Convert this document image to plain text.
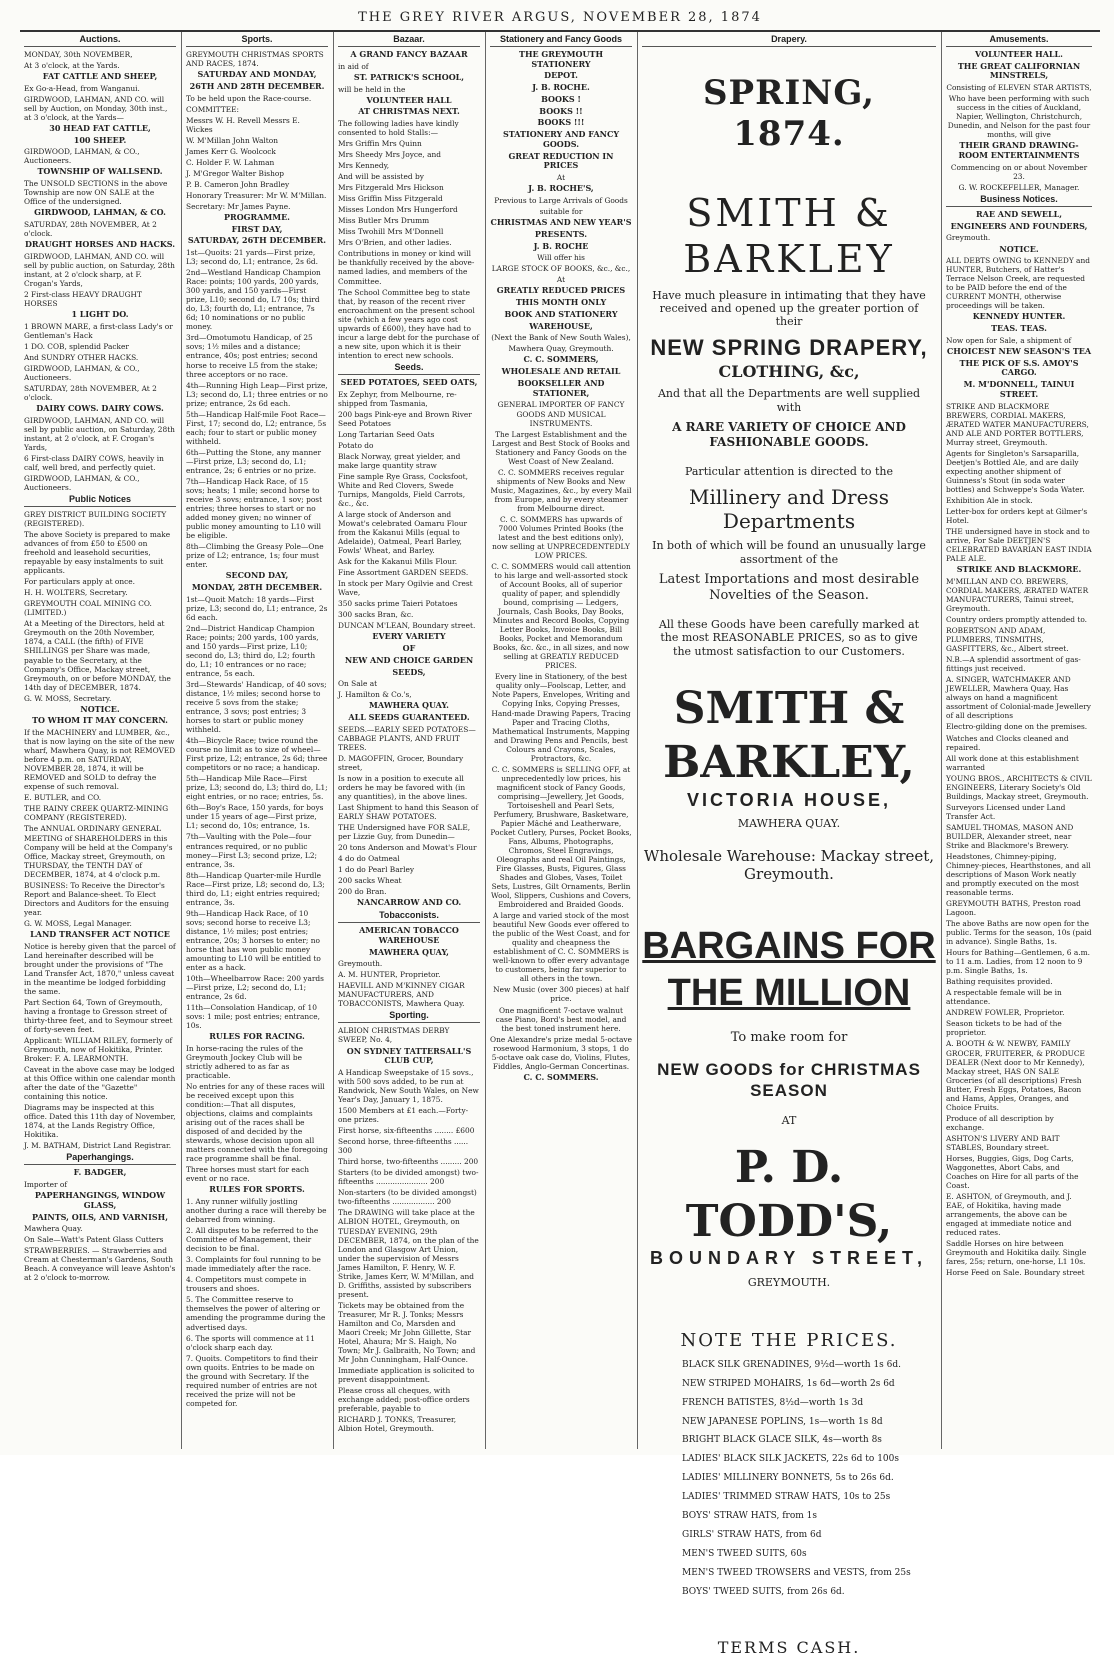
THE GREY RIVER ARGUS, NOVEMBER 28, 1874
Auctions.

MONDAY, 30th NOVEMBER,

At 3 o'clock, at the Yards.

FAT CATTLE AND SHEEP,

Ex Go-a-Head, from Wanganui.

GIRDWOOD, LAHMAN, AND CO. will sell by Auction, on Monday, 30th inst., at 3 o'clock, at the Yards—

30 HEAD FAT CATTLE,

100 SHEEP.

GIRDWOOD, LAHMAN, & CO., Auctioneers.

TOWNSHIP OF WALLSEND.

The UNSOLD SECTIONS in the above Township are now ON SALE at the Office of the undersigned.

GIRDWOOD, LAHMAN, & CO.

SATURDAY, 28th NOVEMBER, At 2 o'clock.

DRAUGHT HORSES AND HACKS.

GIRDWOOD, LAHMAN, AND CO. will sell by public auction, on Saturday, 28th instant, at 2 o'clock sharp, at F. Crogan's Yards,

2 First-class HEAVY DRAUGHT HORSES

1 LIGHT DO.

1 BROWN MARE, a first-class Lady's or Gentleman's Hack

1 DO. COB, splendid Packer

And SUNDRY OTHER HACKS.

GIRDWOOD, LAHMAN, & CO., Auctioneers.

SATURDAY, 28th NOVEMBER, At 2 o'clock.

DAIRY COWS. DAIRY COWS.

GIRDWOOD, LAHMAN, AND CO. will sell by public auction, on Saturday, 28th instant, at 2 o'clock, at F. Crogan's Yards,

6 First-class DAIRY COWS, heavily in calf, well bred, and perfectly quiet.

GIRDWOOD, LAHMAN, & CO., Auctioneers.

Public Notices

GREY DISTRICT BUILDING SOCIETY (REGISTERED).

The above Society is prepared to make advances of from £50 to £500 on freehold and leasehold securities, repayable by easy instalments to suit applicants.

For particulars apply at once.

H. H. WOLTERS, Secretary.

GREYMOUTH COAL MINING CO. (LIMITED.)

At a Meeting of the Directors, held at Greymouth on the 20th November, 1874, a CALL (the fifth) of FIVE SHILLINGS per Share was made, payable to the Secretary, at the Company's Office, Mackay street, Greymouth, on or before MONDAY, the 14th day of DECEMBER, 1874.

G. W. MOSS, Secretary.

NOTICE.

TO WHOM IT MAY CONCERN.

If the MACHINERY and LUMBER, &c., that is now laying on the site of the new wharf, Mawhera Quay, is not REMOVED before 4 p.m. on SATURDAY, NOVEMBER 28, 1874, it will be REMOVED and SOLD to defray the expense of such removal.

E. BUTLER, and CO.

THE RAINY CREEK QUARTZ-MINING COMPANY (REGISTERED).

The ANNUAL ORDINARY GENERAL MEETING of SHAREHOLDERS in this Company will be held at the Company's Office, Mackay street, Greymouth, on THURSDAY, the TENTH DAY of DECEMBER, 1874, at 4 o'clock p.m.

BUSINESS: To Receive the Director's Report and Balance-sheet. To Elect Directors and Auditors for the ensuing year.

G. W. MOSS, Legal Manager.

LAND TRANSFER ACT NOTICE

Notice is hereby given that the parcel of Land hereinafter described will be brought under the provisions of "The Land Transfer Act, 1870," unless caveat in the meantime be lodged forbidding the same.

Part Section 64, Town of Greymouth, having a frontage to Gresson street of thirty-three feet, and to Seymour street of forty-seven feet.

Applicant: WILLIAM RILEY, formerly of Greymouth, now of Hokitika, Printer. Broker: F. A. LEARMONTH.

Caveat in the above case may be lodged at this Office within one calendar month after the date of the "Gazette" containing this notice.

Diagrams may be inspected at this office. Dated this 11th day of November, 1874, at the Lands Registry Office, Hokitika.

J. M. BATHAM, District Land Registrar.

Paperhangings.

F. BADGER,

Importer of

PAPERHANGINGS, WINDOW GLASS,

PAINTS, OILS, AND VARNISH,

Mawhera Quay.

On Sale—Watt's Patent Glass Cutters

STRAWBERRIES. — Strawberries and Cream at Chesterman's Gardens, South Beach. A conveyance will leave Ashton's at 2 o'clock to-morrow.

Sports.

GREYMOUTH CHRISTMAS SPORTS AND RACES, 1874.

SATURDAY AND MONDAY,

26TH AND 28TH DECEMBER.

To be held upon the Race-course.

COMMITTEE:

Messrs W. H. Revell Messrs E. Wickes

W. M'Millan John Walton

James Kerr G. Woolcock

C. Holder F. W. Lahman

J. M'Gregor Walter Bishop

P. B. Cameron John Bradley

Honorary Treasurer: Mr W. M'Millan.

Secretary: Mr James Payne.

PROGRAMME.

FIRST DAY,

SATURDAY, 26TH DECEMBER.

1st—Quoits: 21 yards—First prize, L3; second do, L1; entrance, 2s 6d.

2nd—Westland Handicap Champion Race: points; 100 yards, 200 yards, 300 yards, and 150 yards—First prize, L10; second do, L7 10s; third do, L3; fourth do, L1; entrance, 7s 6d; 10 nominations or no public money.

3rd—Omotumotu Handicap, of 25 sovs; 1½ miles and a distance; entrance, 40s; post entries; second horse to receive L5 from the stake; three acceptors or no race.

4th—Running High Leap—First prize, L3; second do, L1; three entries or no prize; entrance, 2s 6d each.

5th—Handicap Half-mile Foot Race—First, 17; second do, L2; entrance, 5s each; four to start or public money withheld.

6th—Putting the Stone, any manner—First prize, L3; second do, L1; entrance, 2s; 6 entries or no prize.

7th—Handicap Hack Race, of 15 sovs; heats; 1 mile; second horse to receive 3 sovs; entrance, 1 sov; post entries; three horses to start or no added money given; no winner of public money amounting to L10 will be eligible.

8th—Climbing the Greasy Pole—One prize of L2; entrance, 1s; four must enter.

SECOND DAY,

MONDAY, 28TH DECEMBER.

1st—Quoit Match: 18 yards—First prize, L3; second do, L1; entrance, 2s 6d each.

2nd—District Handicap Champion Race; points; 200 yards, 100 yards, and 150 yards—First prize, L10; second do, L3; third do, L2; fourth do, L1; 10 entrances or no race; entrance, 5s each.

3rd—Stewards' Handicap, of 40 sovs; distance, 1½ miles; second horse to receive 5 sovs from the stake; entrance, 3 sovs; post entries; 3 horses to start or public money withheld.

4th—Bicycle Race; twice round the course no limit as to size of wheel—First prize, L2; entrance, 2s 6d; three competitors or no race; a handicap.

5th—Handicap Mile Race—First prize, L3; second do, L3; third do, L1; eight entries, or no race; entries, 5s.

6th—Boy's Race, 150 yards, for boys under 15 years of age—First prize, L1; second do, 10s; entrance, 1s.

7th—Vaulting with the Pole—four entrances required, or no public money—First L3; second prize, L2; entrance, 3s.

8th—Handicap Quarter-mile Hurdle Race—First prize, L8; second do, L3; third do, L1; eight entries required; entrance, 3s.

9th—Handicap Hack Race, of 10 sovs; second horse to receive L3; distance, 1½ miles; post entries; entrance, 20s; 3 horses to enter; no horse that has won public money amounting to L10 will be entitled to enter as a hack.

10th—Wheelbarrow Race: 200 yards—First prize, L2; second do, L1; entrance, 2s 6d.

11th—Consolation Handicap, of 10 sovs: 1 mile; post entries; entrance, 10s.

RULES FOR RACING.

In horse-racing the rules of the Greymouth Jockey Club will be strictly adhered to as far as practicable.

No entries for any of these races will be received except upon this condition:—That all disputes, objections, claims and complaints arising out of the races shall be disposed of and decided by the stewards, whose decision upon all matters connected with the foregoing race programme shall be final.

Three horses must start for each event or no race.

RULES FOR SPORTS.

1. Any runner wilfully jostling another during a race will thereby be debarred from winning.

2. All disputes to be referred to the Committee of Management, their decision to be final.

3. Complaints for foul running to be made immediately after the race.

4. Competitors must compete in trousers and shoes.

5. The Committee reserve to themselves the power of altering or amending the programme during the advertised days.

6. The sports will commence at 11 o'clock sharp each day.

7. Quoits. Competitors to find their own quoits. Entries to be made on the ground with Secretary. If the required number of entries are not received the prize will not be competed for.

Bazaar.

A GRAND FANCY BAZAAR

in aid of

ST. PATRICK'S SCHOOL,

will be held in the

VOLUNTEER HALL

AT CHRISTMAS NEXT.

The following ladies have kindly consented to hold Stalls:—

Mrs Griffin Mrs Quinn

Mrs Sheedy Mrs Joyce, and

Mrs Kennedy,

And will be assisted by

Mrs Fitzgerald Mrs Hickson

Miss Griffin Miss Fitzgerald

Misses London Mrs Hungerford

Miss Butler Mrs Drumm

Miss Twohill Mrs M'Donnell

Mrs O'Brien, and other ladies.

Contributions in money or kind will be thankfully received by the above-named ladies, and members of the Committee.

The School Committee beg to state that, by reason of the recent river encroachment on the present school site (which a few years ago cost upwards of £600), they have had to incur a large debt for the purchase of a new site, upon which it is their intention to erect new schools.

Seeds.

SEED POTATOES, SEED OATS,

Ex Zephyr, from Melbourne, re-shipped from Tasmania,

200 bags Pink-eye and Brown River Seed Potatoes

Long Tartarian Seed Oats

Potato do

Black Norway, great yielder, and make large quantity straw

Fine sample Rye Grass, Cocksfoot, White and Red Clovers, Swede Turnips, Mangolds, Field Carrots, &c., &c.

A large stock of Anderson and Mowat's celebrated Oamaru Flour from the Kakanui Mills (equal to Adelaide), Oatmeal, Pearl Barley, Fowls' Wheat, and Barley.

Ask for the Kakanui Mills Flour.

Fine Assortment GARDEN SEEDS.

In stock per Mary Ogilvie and Crest Wave,

350 sacks prime Taieri Potatoes

300 sacks Bran, &c.

DUNCAN M'LEAN, Boundary street.

EVERY VARIETY

OF

NEW AND CHOICE GARDEN

SEEDS,

On Sale at

J. Hamilton & Co.'s,

MAWHERA QUAY.

ALL SEEDS GUARANTEED.

SEEDS.—EARLY SEED POTATOES—CABBAGE PLANTS, AND FRUIT TREES.

D. MAGOFFIN, Grocer, Boundary street,

Is now in a position to execute all orders he may be favored with (in any quantities), in the above lines.

Last Shipment to hand this Season of EARLY SHAW POTATOES.

THE Undersigned have FOR SALE, per Lizzie Guy, from Dunedin—

20 tons Anderson and Mowat's Flour

4 do do Oatmeal

1 do do Pearl Barley

200 sacks Wheat

200 do Bran.

NANCARROW AND CO.

Tobacconists.

AMERICAN TOBACCO WAREHOUSE

MAWHERA QUAY,

Greymouth.

A. M. HUNTER, Proprietor.

HAEVILL AND M'KINNEY CIGAR MANUFACTURERS, AND TOBACCONISTS, Mawhera Quay.

Sporting.

ALBION CHRISTMAS DERBY SWEEP, No. 4,

ON SYDNEY TATTERSALL'S CLUB CUP,

A Handicap Sweepstake of 15 sovs., with 500 sovs added, to be run at Randwick, New South Wales, on New Year's Day, January 1, 1875.

1500 Members at £1 each.—Forty-one prizes.

First horse, six-fifteenths ........ £600

Second horse, three-fifteenths ...... 300

Third horse, two-fifteenths ......... 200

Starters (to be divided amongst) two-fifteenths ...................... 200

Non-starters (to be divided amongst) two-fifteenths .................. 200

The DRAWING will take place at the ALBION HOTEL, Greymouth, on TUESDAY EVENING, 29th DECEMBER, 1874, on the plan of the London and Glasgow Art Union, under the supervision of Messrs James Hamilton, F. Henry, W. F. Strike, James Kerr, W. M'Millan, and D. Griffiths, assisted by subscribers present.

Tickets may be obtained from the Treasurer, Mr R. J. Tonks; Messrs Hamilton and Co, Marsden and Maori Creek; Mr John Gillette, Star Hotel, Ahaura; Mr S. Haigh, No Town; Mr J. Galbraith, No Town; and Mr John Cunningham, Half-Ounce.

Immediate application is solicited to prevent disappointment.

Please cross all cheques, with exchange added; post-office orders preferable, payable to

RICHARD J. TONKS, Treasurer, Albion Hotel, Greymouth.

Stationery and Fancy Goods

THE GREYMOUTH STATIONERY

DEPOT.

J. B. ROCHE.

BOOKS !

BOOKS !!

BOOKS !!!

STATIONERY AND FANCY GOODS.

GREAT REDUCTION IN PRICES

At

J. B. ROCHE'S,

Previous to Large Arrivals of Goods

suitable for

CHRISTMAS AND NEW YEAR'S

PRESENTS.

J. B. ROCHE

Will offer his

LARGE STOCK OF BOOKS, &c., &c.,

At

GREATLY REDUCED PRICES

THIS MONTH ONLY

BOOK AND STATIONERY

WAREHOUSE,

(Next the Bank of New South Wales),

Mawhera Quay, Greymouth.

C. C. SOMMERS,

WHOLESALE AND RETAIL

BOOKSELLER AND STATIONER,

GENERAL IMPORTER OF FANCY GOODS AND MUSICAL INSTRUMENTS.

The Largest Establishment and the Largest and Best Stock of Books and Stationery and Fancy Goods on the West Coast of New Zealand.

C. C. SOMMERS receives regular shipments of New Books and New Music, Magazines, &c., by every Mail from Europe, and by every steamer from Melbourne direct.

C. C. SOMMERS has upwards of 7000 Volumes Printed Books (the latest and the best editions only), now selling at UNPRECEDENTEDLY LOW PRICES.

C. C. SOMMERS would call attention to his large and well-assorted stock of Account Books, all of superior quality of paper, and splendidly bound, comprising — Ledgers, Journals, Cash Books, Day Books, Minutes and Record Books, Copying Letter Books, Invoice Books, Bill Books, Pocket and Memorandum Books, &c. &c., in all sizes, and now selling at GREATLY REDUCED PRICES.

Every line in Stationery, of the best quality only—Foolscap, Letter, and Note Papers, Envelopes, Writing and Copying Inks, Copying Presses, Hand-made Drawing Papers, Tracing Paper and Tracing Cloths, Mathematical Instruments, Mapping and Drawing Pens and Pencils, best Colours and Crayons, Scales, Protractors, &c.

C. C. SOMMERS is SELLING OFF, at unprecedentedly low prices, his magnificent stock of Fancy Goods, comprising—Jewellery, Jet Goods, Tortoiseshell and Pearl Sets, Perfumery, Brushware, Basketware, Papier Mâché and Leatherware, Pocket Cutlery, Purses, Pocket Books, Fans, Albums, Photographs, Chromos, Steel Engravings, Oleographs and real Oil Paintings, Fire Glasses, Busts, Figures, Glass Shades and Globes, Vases, Toilet Sets, Lustres, Gilt Ornaments, Berlin Wool, Slippers, Cushions and Covers, Embroidered and Braided Goods.

A large and varied stock of the most beautiful New Goods ever offered to the public of the West Coast, and for quality and cheapness the establishment of C. C. SOMMERS is well-known to offer every advantage to customers, being far superior to all others in the town.

New Music (over 300 pieces) at half price.

One magnificent 7-octave walnut case Piano, Bord's best model, and the best toned instrument here.

One Alexandre's prize medal 5-octave rosewood Harmonium, 3 stops, 1 do 5-octave oak case do, Violins, Flutes, Fiddles, Anglo-German Concertinas.

C. C. SOMMERS.

Drapery.
SPRING, 1874.
SMITH & BARKLEY
Have much pleasure in intimating that they have received and opened up the greater portion of their
NEW SPRING DRAPERY,
CLOTHING, &c,
And that all the Departments are well supplied with
A RARE VARIETY OF CHOICE AND FASHIONABLE GOODS.
Particular attention is directed to the
Millinery and Dress Departments
In both of which will be found an unusually large assortment of the
Latest Importations and most desirable Novelties of the Season.
All these Goods have been carefully marked at the most REASONABLE PRICES, so as to give the utmost satisfaction to our Customers.
SMITH & BARKLEY,
VICTORIA HOUSE,
MAWHERA QUAY.
Wholesale Warehouse: Mackay street, Greymouth.
BARGAINS FOR THE MILLION
To make room for
NEW GOODS for CHRISTMAS SEASON
AT
P. D. TODD'S,
BOUNDARY STREET,
GREYMOUTH.
NOTE THE PRICES.

BLACK SILK GRENADINES, 9½d—worth 1s 6d.

NEW STRIPED MOHAIRS, 1s 6d—worth 2s 6d

FRENCH BATISTES, 8½d—worth 1s 3d

NEW JAPANESE POPLINS, 1s—worth 1s 8d

BRIGHT BLACK GLACE SILK, 4s—worth 8s

LADIES' BLACK SILK JACKETS, 22s 6d to 100s

LADIES' MILLINERY BONNETS, 5s to 26s 6d.

LADIES' TRIMMED STRAW HATS, 10s to 25s

BOYS' STRAW HATS, from 1s

GIRLS' STRAW HATS, from 6d

MEN'S TWEED SUITS, 60s

MEN'S TWEED TROWSERS and VESTS, from 25s

BOYS' TWEED SUITS, from 26s 6d.

TERMS CASH.
Amusements.

VOLUNTEER HALL.

THE GREAT CALIFORNIAN MINSTRELS,

Consisting of ELEVEN STAR ARTISTS,

Who have been performing with such success in the cities of Auckland, Napier, Wellington, Christchurch, Dunedin, and Nelson for the past four months, will give

THEIR GRAND DRAWING-ROOM ENTERTAINMENTS

Commencing on or about November 23.

G. W. ROCKEFELLER, Manager.

Business Notices.

RAE AND SEWELL,

ENGINEERS AND FOUNDERS,

Greymouth.

NOTICE.

ALL DEBTS OWING to KENNEDY and HUNTER, Butchers, of Hatter's Terrace Nelson Creek, are requested to be PAID before the end of the CURRENT MONTH, otherwise proceedings will be taken.

KENNEDY HUNTER.

TEAS. TEAS.

Now open for Sale, a shipment of

CHOICEST NEW SEASON'S TEA

THE PICK OF S.S. AMOY'S CARGO.

M. M'DONNELL, TAINUI STREET.

STRIKE AND BLACKMORE BREWERS, CORDIAL MAKERS, ÆRATED WATER MANUFACTURERS, AND ALE AND PORTER BOTTLERS, Murray street, Greymouth.

Agents for Singleton's Sarsaparilla, Deetjen's Bottled Ale, and are daily expecting another shipment of Guinness's Stout (in soda water bottles) and Schweppe's Soda Water.

Exhibition Ale in stock.

Letter-box for orders kept at Gilmer's Hotel.

THE undersigned have in stock and to arrive, For Sale DEETJEN'S CELEBRATED BAVARIAN EAST INDIA PALE ALE.

STRIKE AND BLACKMORE.

M'MILLAN AND CO. BREWERS, CORDIAL MAKERS, ÆRATED WATER MANUFACTURERS, Tainui street, Greymouth.

Country orders promptly attended to.

ROBERTSON AND ADAM, PLUMBERS, TINSMITHS, GASFITTERS, &c., Albert street.

N.B.—A splendid assortment of gas-fittings just received.

A. SINGER, WATCHMAKER AND JEWELLER, Mawhera Quay, Has always on hand a magnificent assortment of Colonial-made Jewellery of all descriptions

Electro-gilding done on the premises.

Watches and Clocks cleaned and repaired.

All work done at this establishment warranted

YOUNG BROS., ARCHITECTS & CIVIL ENGINEERS, Literary Society's Old Buildings, Mackay street, Greymouth.

Surveyors Licensed under Land Transfer Act.

SAMUEL THOMAS, MASON AND BUILDER, Alexander street, near Strike and Blackmore's Brewery.

Headstones, Chimney-piping, Chimney-pieces, Hearthstones, and all descriptions of Mason Work neatly and promptly executed on the most reasonable terms.

GREYMOUTH BATHS, Preston road Lagoon.

The above Baths are now open for the public. Terms for the season, 10s (paid in advance). Single Baths, 1s.

Hours for Bathing—Gentlemen, 6 a.m. to 11 a.m. Ladies, from 12 noon to 9 p.m. Single Baths, 1s.

Bathing requisites provided.

A respectable female will be in attendance.

ANDREW FOWLER, Proprietor.

Season tickets to be had of the proprietor.

A. BOOTH & W. NEWBY, FAMILY GROCER, FRUITERER, & PRODUCE DEALER (Next door to Mr Kennedy), Mackay street, HAS ON SALE Groceries (of all descriptions) Fresh Butter, Fresh Eggs, Potatoes, Bacon and Hams, Apples, Oranges, and Choice Fruits.

Produce of all description by exchange.

ASHTON'S LIVERY AND BAIT STABLES, Boundary street.

Horses, Buggies, Gigs, Dog Carts, Waggonettes, Abort Cabs, and Coaches on Hire for all parts of the Coast.

E. ASHTON, of Greymouth, and J. EAE, of Hokitika, having made arrangements, the above can be engaged at immediate notice and reduced rates.

Saddle Horses on hire between Greymouth and Hokitika daily. Single fares, 25s; return, one-horse, L1 10s.

Horse Feed on Sale. Boundary street
